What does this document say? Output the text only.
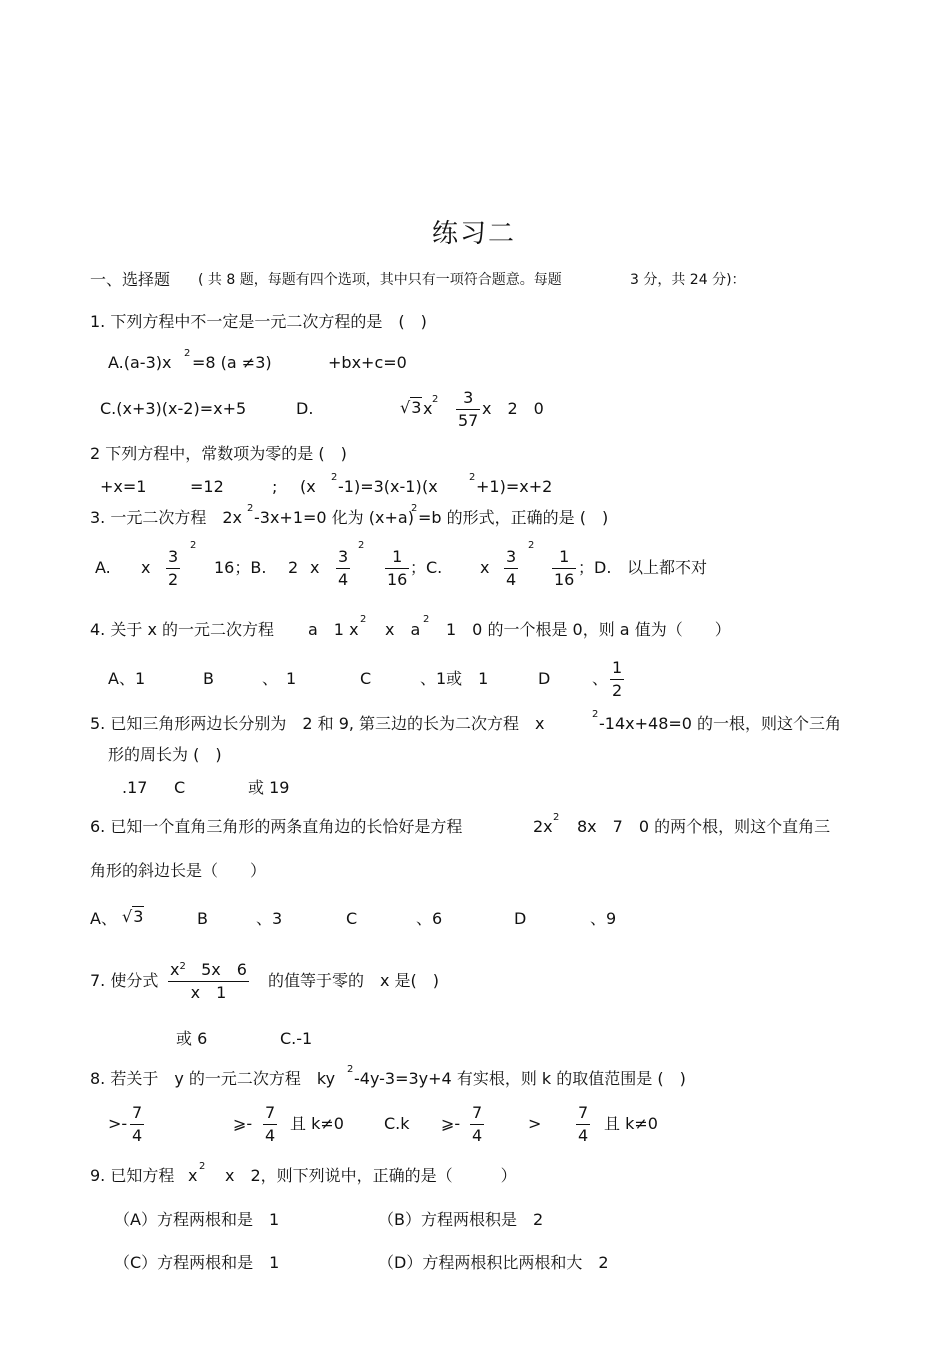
练习二
一、选择题 ( 共 8 题，每题有四个选项，其中只有一项符合题意。每题	3 分，共 24 分)：
1. 下列方程中不一定是一元二次方程的是　(　)
A.(a-3)x 2 =8 (a ≠3)	+bx+c=0
C.(x+3)(x-2)=x+5	D.	√3 x 2 3
57
x　2　0
2 下列方程中，常数项为零的是 (　)
+x=1	=12	; (x 2 -1)=3(x-1) (x	2 +1)=x+2
3. 一元二次方程　2x 2 -3x+1=0 化为 (x+a)
2 =b 的形式，正确的是 (　)
A. x
3
2
2
16；B. 2 x
3
4
2
1
16
；C. x
3
4
2
1
16
；D. 以上都不对
4. 关于 x 的一元二次方程 a　1 x
2
x　a
2
1　0 的一个根是 0，则 a 值为（　　）
A、1	B	、　1	C	、1或　1	D	、
1
2
5. 已知三角形两边长分别为　2 和 9, 第三边的长为二次方程　x	2 -14x+48=0 的一根，则这个三角
形的周长为 (　)
.17 C	或 19
6. 已知一个直角三角形的两条直角边的长恰好是方程	2x 2 8x　7　0 的两个根，则这个直角三
角形的斜边长是（　　）
A、 √3	B	、3	C	、6	D	、9
7. 使分式
$x^2$ 5x　6
x　1
的值等于零的　x 是(　)
或 6	C.-1
8. 若关于　y 的一元二次方程　ky 2 -4y-3=3y+4 有实根，则 k 的取值范围是 (　)
>-
7
4
⩾-
7
4
且 k≠0	C.k ⩾-
7
4
>
7
4
且 k≠0
9. 已知方程 x 2 x　2，则下列说中，正确的是（　　　）
（A）方程两根和是　1	（B）方程两根积是　2
（C）方程两根和是　1	（D）方程两根积比两根和大　2
